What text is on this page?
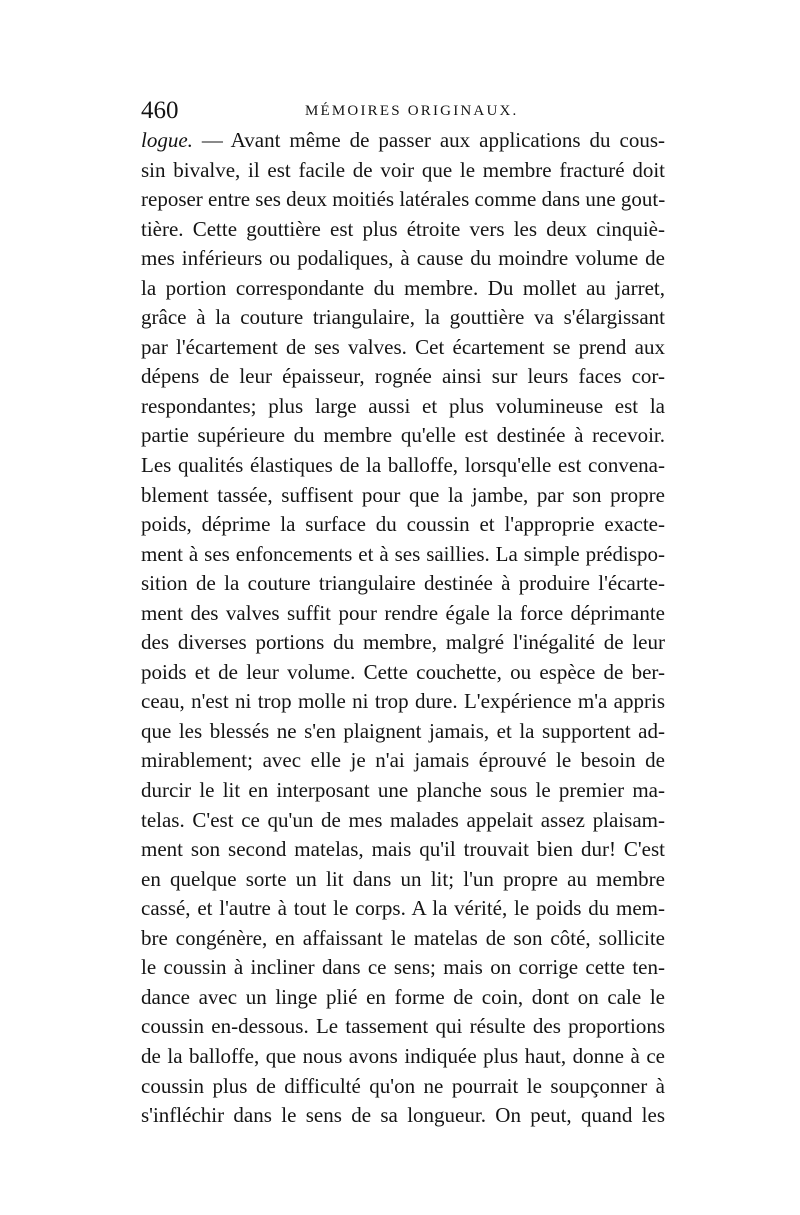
460	MÉMOIRES ORIGINAUX.
logue. — Avant même de passer aux applications du cous-
sin bivalve, il est facile de voir que le membre fracturé doit
reposer entre ses deux moitiés latérales comme dans une gout-
tière. Cette gouttière est plus étroite vers les deux cinquiè-
mes inférieurs ou podaliques, à cause du moindre volume de
la portion correspondante du membre. Du mollet au jarret,
grâce à la couture triangulaire, la gouttière va s'élargissant
par l'écartement de ses valves. Cet écartement se prend aux
dépens de leur épaisseur, rognée ainsi sur leurs faces cor-
respondantes; plus large aussi et plus volumineuse est la
partie supérieure du membre qu'elle est destinée à recevoir.
Les qualités élastiques de la balloffe, lorsqu'elle est convena-
blement tassée, suffisent pour que la jambe, par son propre
poids, déprime la surface du coussin et l'approprie exacte-
ment à ses enfoncements et à ses saillies. La simple prédispo-
sition de la couture triangulaire destinée à produire l'écarte-
ment des valves suffit pour rendre égale la force déprimante
des diverses portions du membre, malgré l'inégalité de leur
poids et de leur volume. Cette couchette, ou espèce de ber-
ceau, n'est ni trop molle ni trop dure. L'expérience m'a appris
que les blessés ne s'en plaignent jamais, et la supportent ad-
mirablement; avec elle je n'ai jamais éprouvé le besoin de
durcir le lit en interposant une planche sous le premier ma-
telas. C'est ce qu'un de mes malades appelait assez plaisam-
ment son second matelas, mais qu'il trouvait bien dur! C'est
en quelque sorte un lit dans un lit; l'un propre au membre
cassé, et l'autre à tout le corps. A la vérité, le poids du mem-
bre congénère, en affaissant le matelas de son côté, sollicite
le coussin à incliner dans ce sens; mais on corrige cette ten-
dance avec un linge plié en forme de coin, dont on cale le
coussin en-dessous. Le tassement qui résulte des proportions
de la balloffe, que nous avons indiquée plus haut, donne à ce
coussin plus de difficulté qu'on ne pourrait le soupçonner à
s'infléchir dans le sens de sa longueur. On peut, quand les
